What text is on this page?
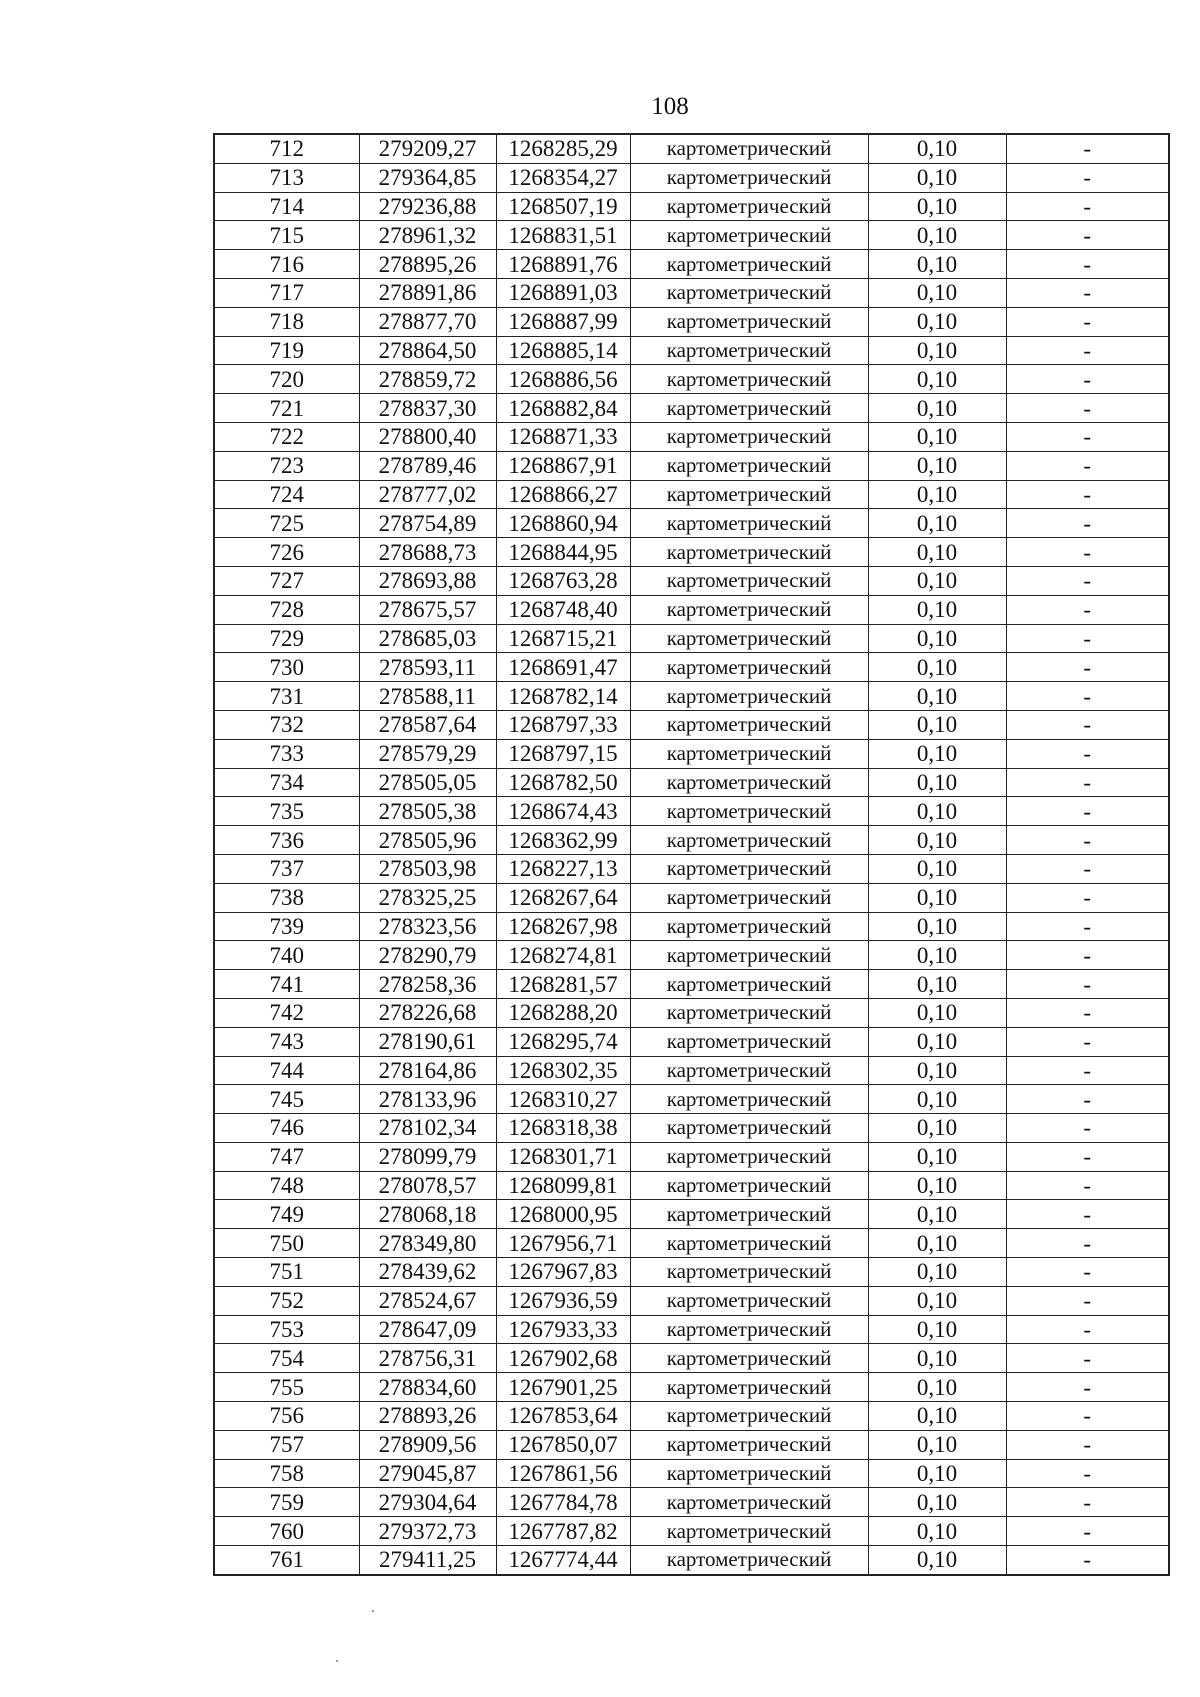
108
712	279209,27	1268285,29	картометрический	0,10	-
713	279364,85	1268354,27	картометрический	0,10	-
714	279236,88	1268507,19	картометрический	0,10	-
715	278961,32	1268831,51	картометрический	0,10	-
716	278895,26	1268891,76	картометрический	0,10	-
717	278891,86	1268891,03	картометрический	0,10	-
718	278877,70	1268887,99	картометрический	0,10	-
719	278864,50	1268885,14	картометрический	0,10	-
720	278859,72	1268886,56	картометрический	0,10	-
721	278837,30	1268882,84	картометрический	0,10	-
722	278800,40	1268871,33	картометрический	0,10	-
723	278789,46	1268867,91	картометрический	0,10	-
724	278777,02	1268866,27	картометрический	0,10	-
725	278754,89	1268860,94	картометрический	0,10	-
726	278688,73	1268844,95	картометрический	0,10	-
727	278693,88	1268763,28	картометрический	0,10	-
728	278675,57	1268748,40	картометрический	0,10	-
729	278685,03	1268715,21	картометрический	0,10	-
730	278593,11	1268691,47	картометрический	0,10	-
731	278588,11	1268782,14	картометрический	0,10	-
732	278587,64	1268797,33	картометрический	0,10	-
733	278579,29	1268797,15	картометрический	0,10	-
734	278505,05	1268782,50	картометрический	0,10	-
735	278505,38	1268674,43	картометрический	0,10	-
736	278505,96	1268362,99	картометрический	0,10	-
737	278503,98	1268227,13	картометрический	0,10	-
738	278325,25	1268267,64	картометрический	0,10	-
739	278323,56	1268267,98	картометрический	0,10	-
740	278290,79	1268274,81	картометрический	0,10	-
741	278258,36	1268281,57	картометрический	0,10	-
742	278226,68	1268288,20	картометрический	0,10	-
743	278190,61	1268295,74	картометрический	0,10	-
744	278164,86	1268302,35	картометрический	0,10	-
745	278133,96	1268310,27	картометрический	0,10	-
746	278102,34	1268318,38	картометрический	0,10	-
747	278099,79	1268301,71	картометрический	0,10	-
748	278078,57	1268099,81	картометрический	0,10	-
749	278068,18	1268000,95	картометрический	0,10	-
750	278349,80	1267956,71	картометрический	0,10	-
751	278439,62	1267967,83	картометрический	0,10	-
752	278524,67	1267936,59	картометрический	0,10	-
753	278647,09	1267933,33	картометрический	0,10	-
754	278756,31	1267902,68	картометрический	0,10	-
755	278834,60	1267901,25	картометрический	0,10	-
756	278893,26	1267853,64	картометрический	0,10	-
757	278909,56	1267850,07	картометрический	0,10	-
758	279045,87	1267861,56	картометрический	0,10	-
759	279304,64	1267784,78	картометрический	0,10	-
760	279372,73	1267787,82	картометрический	0,10	-
761	279411,25	1267774,44	картометрический	0,10	-
